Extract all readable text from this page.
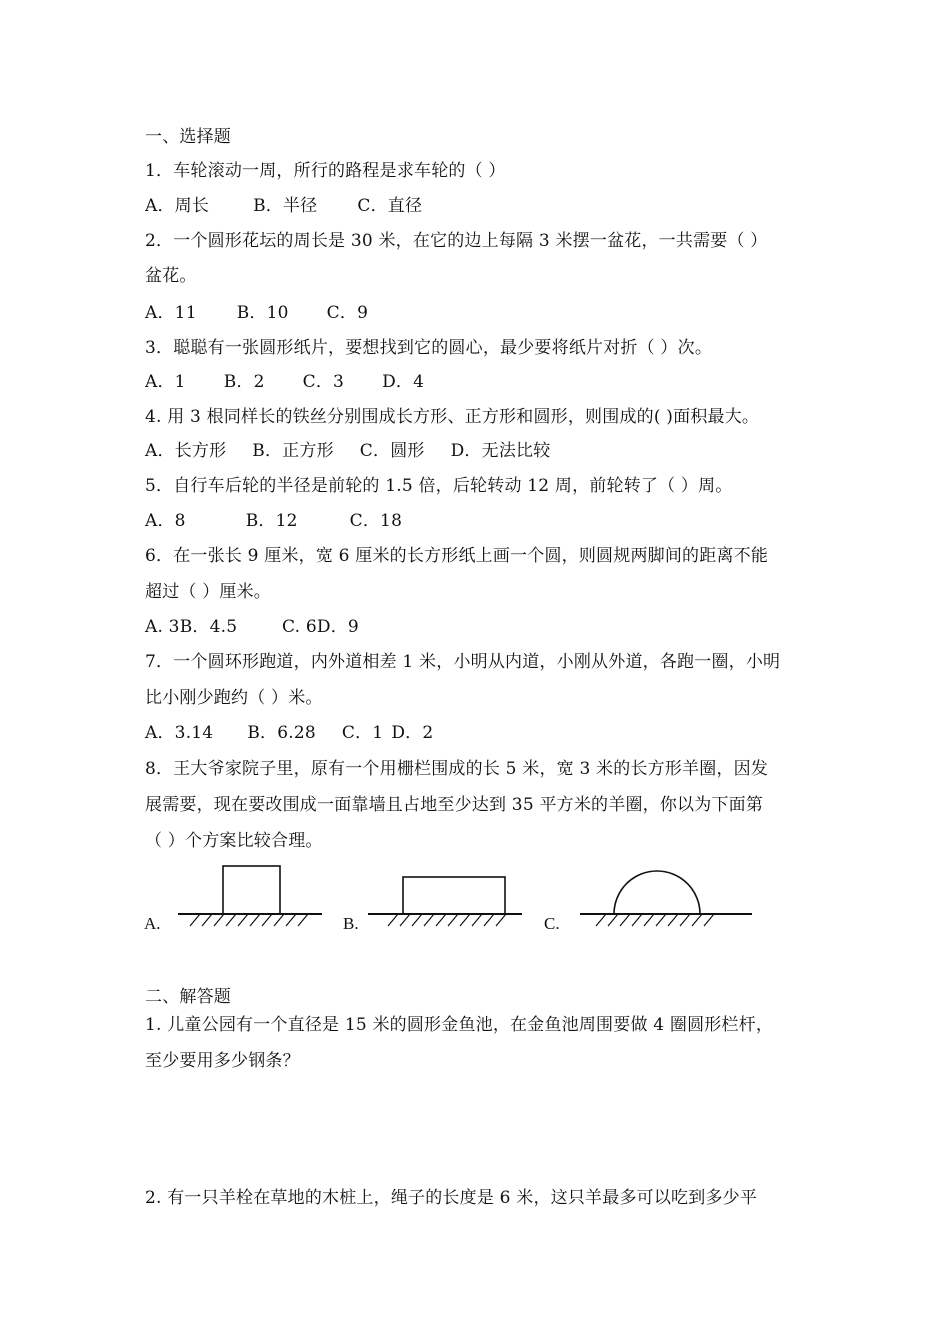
一、选择题
1．车轮滚动一周，所行的路程是求车轮的（ ）
A．周长	B．半径 C．直径
2．一个圆形花坛的周长是 30 米，在它的边上每隔 3 米摆一盆花，一共需要（ ）
盆花。
A．11 B．10 C．9
3．聪聪有一张圆形纸片，要想找到它的圆心，最少要将纸片对折（ ）次。
A．1 B．2 C．3 D．4
4. 用 3 根同样长的铁丝分别围成长方形、正方形和圆形，则围成的( )面积最大。
A．长方形 B．正方形 C．圆形 D．无法比较
5．自行车后轮的半径是前轮的 1.5 倍，后轮转动 12 周，前轮转了（ ）周。
A．8	B．12	C．18
6．在一张长 9 厘米，宽 6 厘米的长方形纸上画一个圆，则圆规两脚间的距离不能
超过（ ）厘米。
A. 3B．4.5        C. 6D．9
7．一个圆环形跑道，内外道相差 1 米，小明从内道，小刚从外道，各跑一圈，小明
比小刚少跑约（ ）米。
A．3.14 B．6.28 C．1 D．2
8．王大爷家院子里，原有一个用栅栏围成的长 5 米，宽 3 米的长方形羊圈，因发
展需要，现在要改围成一面靠墙且占地至少达到 35 平方米的羊圈，你以为下面第
（ ）个方案比较合理。
A.	B.	C.
二、解答题
1. 儿童公园有一个直径是 15 米的圆形金鱼池，在金鱼池周围要做 4 圈圆形栏杆，
至少要用多少钢条？
2. 有一只羊栓在草地的木桩上，绳子的长度是 6 米，这只羊最多可以吃到多少平
